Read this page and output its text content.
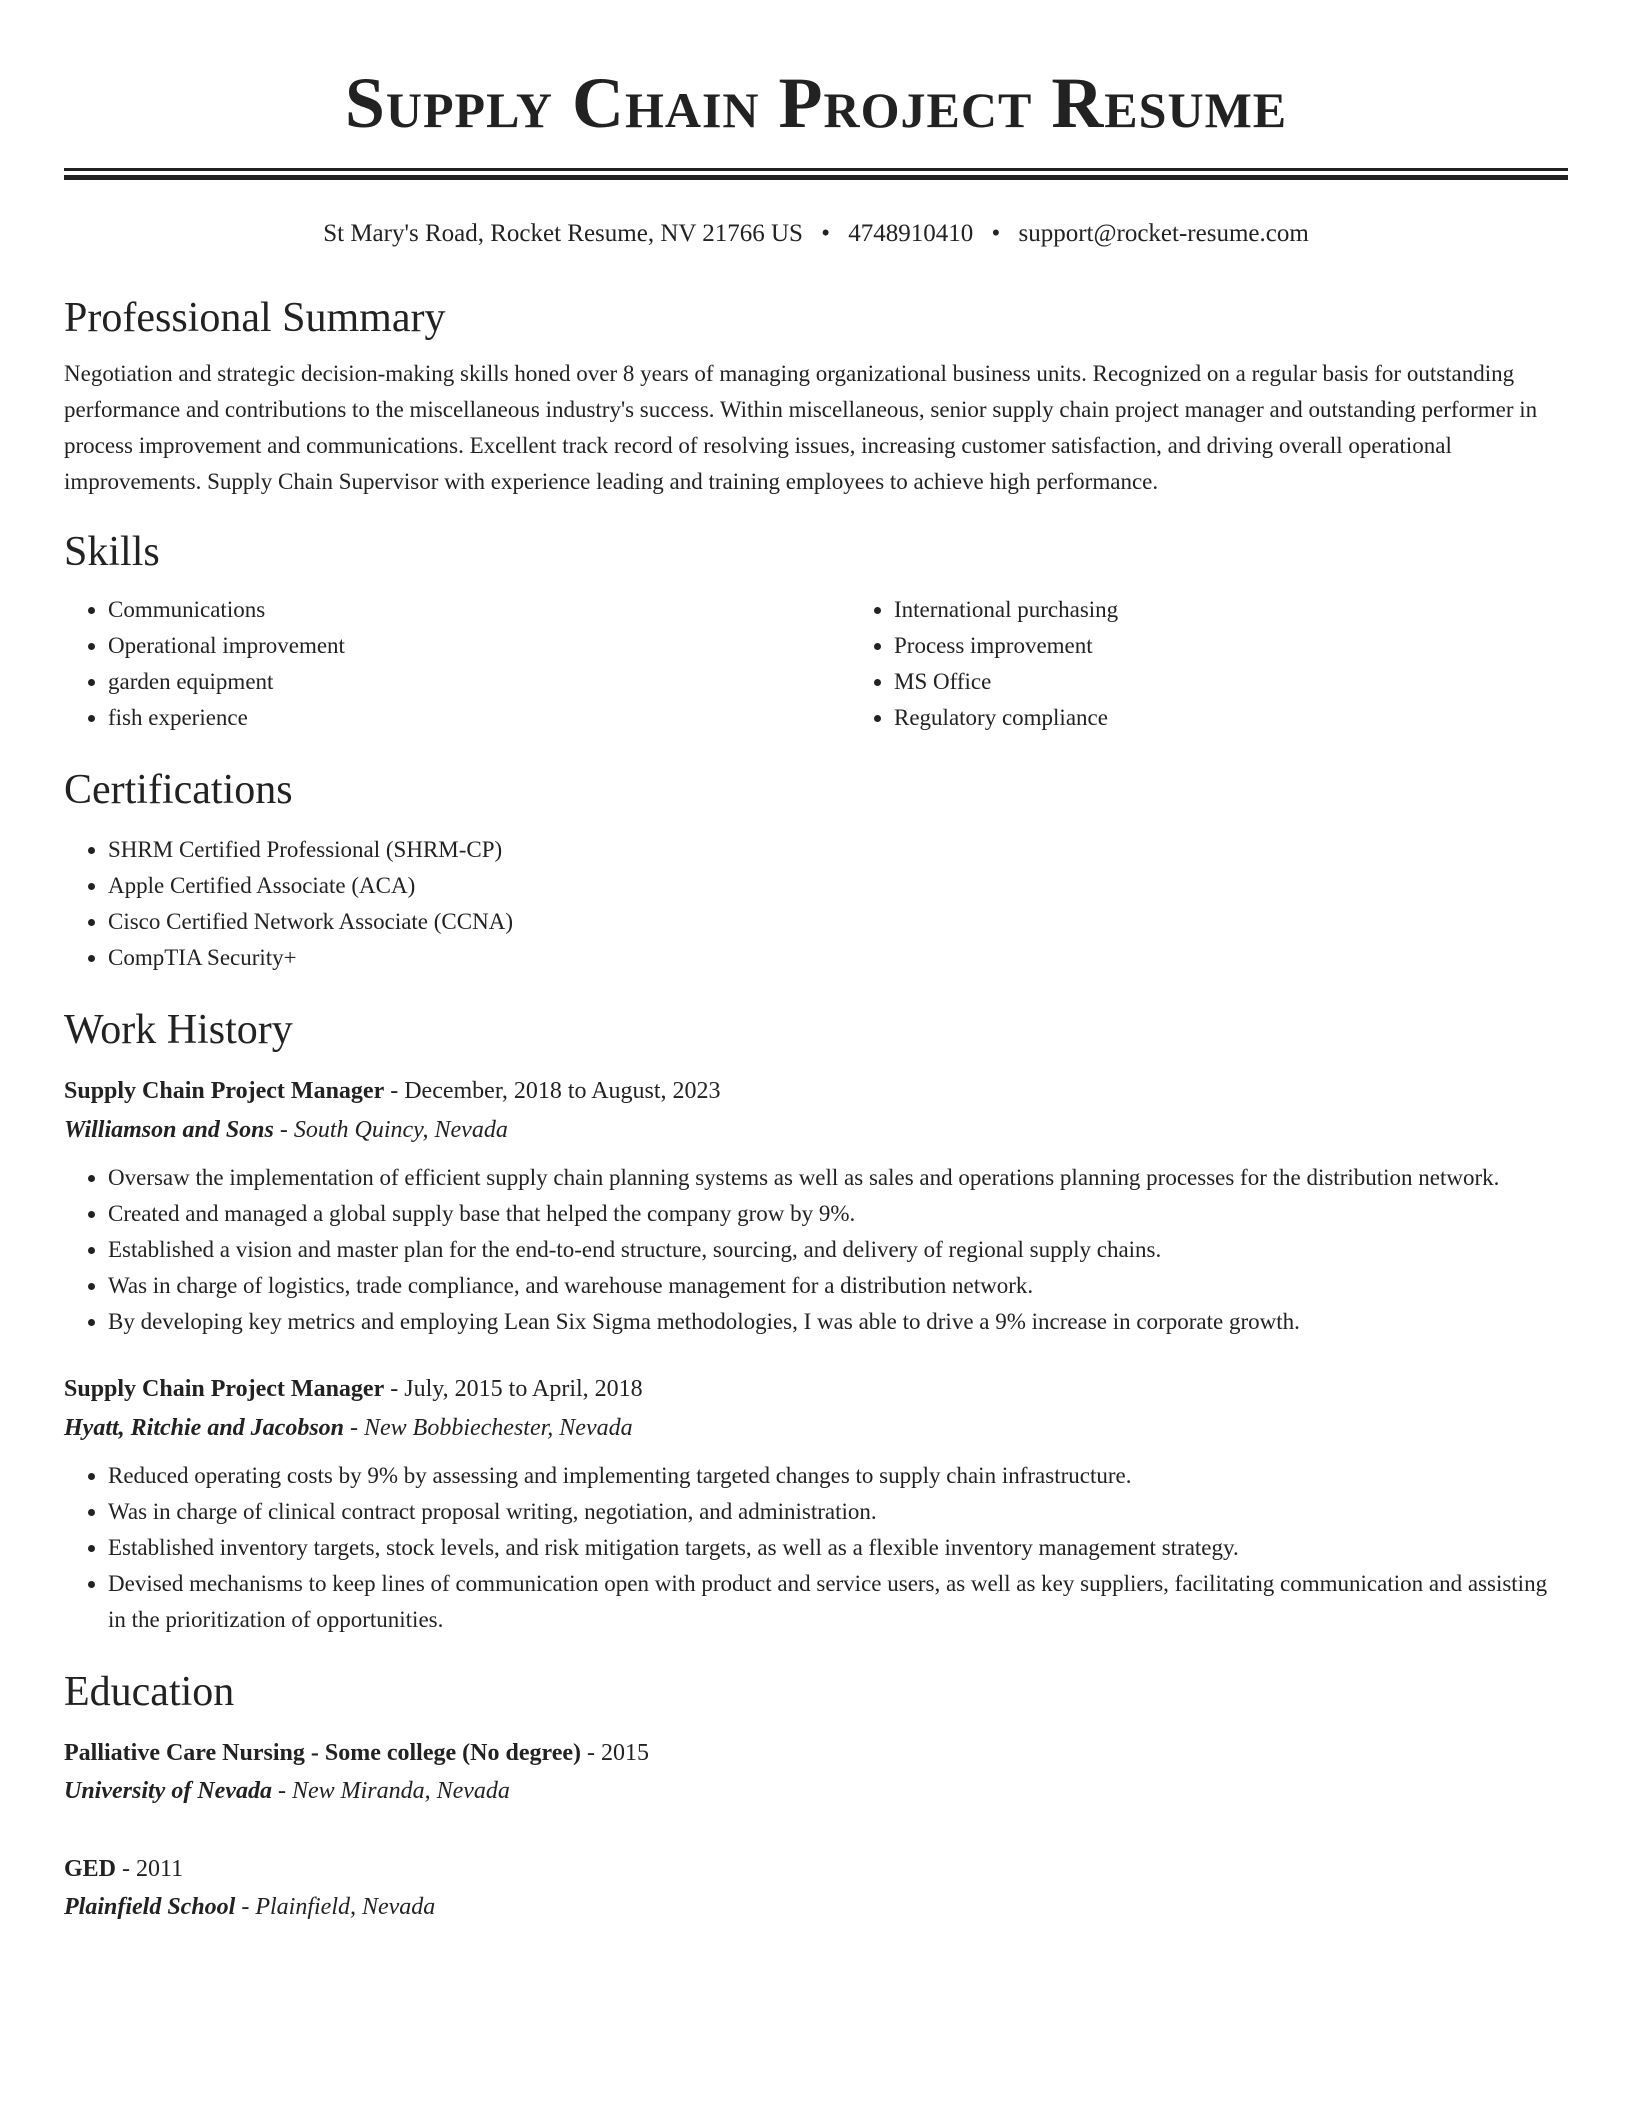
Supply Chain Project Resume
St Mary's Road, Rocket Resume, NV 21766 US • 4748910410 • support@rocket-resume.com
Professional Summary

Negotiation and strategic decision-making skills honed over 8 years of managing organizational business units. Recognized on a regular basis for outstanding performance and contributions to the miscellaneous industry's success. Within miscellaneous, senior supply chain project manager and outstanding performer in process improvement and communications. Excellent track record of resolving issues, increasing customer satisfaction, and driving overall operational improvements. Supply Chain Supervisor with experience leading and training employees to achieve high performance.

Skills
• Communications
• Operational improvement
• garden equipment
• fish experience
• International purchasing
• Process improvement
• MS Office
• Regulatory compliance
Certifications
• SHRM Certified Professional (SHRM-CP)
• Apple Certified Associate (ACA)
• Cisco Certified Network Associate (CCNA)
• CompTIA Security+
Work History
Supply Chain Project Manager - December, 2018 to August, 2023
Williamson and Sons - South Quincy, Nevada
• Oversaw the implementation of efficient supply chain planning systems as well as sales and operations planning processes for the distribution network.
• Created and managed a global supply base that helped the company grow by 9%.
• Established a vision and master plan for the end-to-end structure, sourcing, and delivery of regional supply chains.
• Was in charge of logistics, trade compliance, and warehouse management for a distribution network.
• By developing key metrics and employing Lean Six Sigma methodologies, I was able to drive a 9% increase in corporate growth.
Supply Chain Project Manager - July, 2015 to April, 2018
Hyatt, Ritchie and Jacobson - New Bobbiechester, Nevada
• Reduced operating costs by 9% by assessing and implementing targeted changes to supply chain infrastructure.
• Was in charge of clinical contract proposal writing, negotiation, and administration.
• Established inventory targets, stock levels, and risk mitigation targets, as well as a flexible inventory management strategy.
• Devised mechanisms to keep lines of communication open with product and service users, as well as key suppliers, facilitating communication and assisting in the prioritization of opportunities.
Education
Palliative Care Nursing - Some college (No degree) - 2015
University of Nevada - New Miranda, Nevada
GED - 2011
Plainfield School - Plainfield, Nevada
